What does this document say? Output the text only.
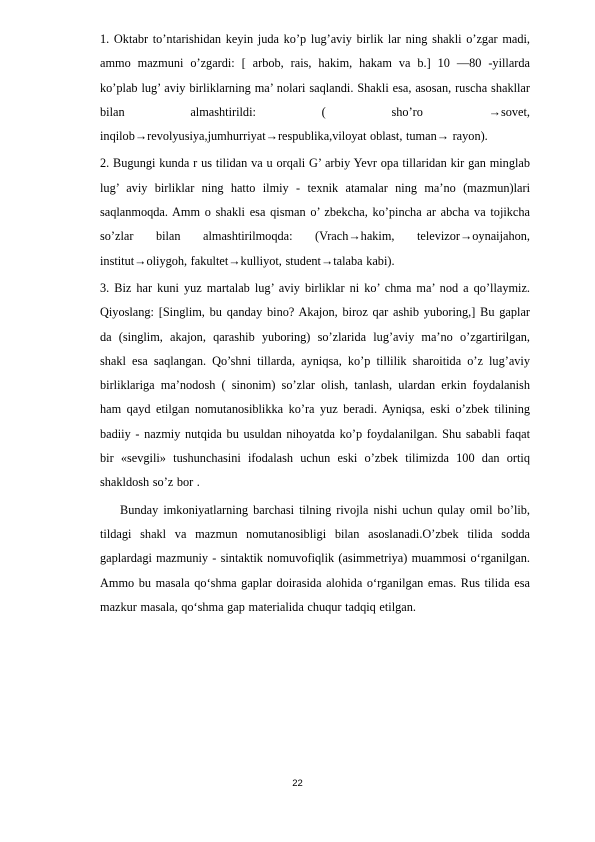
1. Oktabr to’ntarishidan keyin juda ko’p lug’aviy birlik lar ning shakli o’zgar madi, ammo mazmuni o’zgardi: [ arbob, rais, hakim, hakam va b.] 10 —80 -yillarda ko’plab lug’ aviy birliklarning ma’ nolari saqlandi. Shakli esa, asosan, ruscha shakllar bilan almashtirildi: ( sho’ro →sovet, inqilob→revolyusiya,jumhurriyat→respublika,viloyat oblast, tuman→ rayon).

2. Bugungi kunda r us tilidan va u orqali G’ arbiy Yevr opa tillaridan kir gan minglab lug’ aviy birliklar ning hatto ilmiy - texnik atamalar ning ma’no (mazmun)lari saqlanmoqda. Amm o shakli esa qisman o’ zbekcha, ko’pincha ar abcha va tojikcha so’zlar bilan almashtirilmoqda: (Vrach→hakim, televizor→oynaijahon, institut→oliygoh, fakultet→kulliyot, student→talaba kabi).

3. Biz har kuni yuz martalab lug’ aviy birliklar ni ko’ chma ma’ nod a qo’llaymiz. Qiyoslang: [Singlim, bu qanday bino? Akajon, biroz qar ashib yuboring,] Bu gaplar da (singlim, akajon, qarashib yuboring) so’zlarida lug’aviy ma’no o’zgartirilgan, shakl esa saqlangan. Qo’shni tillarda, ayniqsa, ko’p tillilik sharoitida o’z lug’aviy birliklariga ma’nodosh ( sinonim) so’zlar olish, tanlash, ulardan erkin foydalanish ham qayd etilgan nomutanosiblikka ko’ra yuz beradi. Ayniqsa, eski o’zbek tilining badiiy - nazmiy nutqida bu usuldan nihoyatda ko’p foydalanilgan. Shu sababli faqat bir «sevgili» tushunchasini ifodalash uchun eski o’zbek tilimizda 100 dan ortiq shakldosh so’z bor .

Bunday imkoniyatlarning barchasi tilning rivojla nishi uchun qulay omil bo’lib, tildagi shakl va mazmun nomutanosibligi bilan asoslanadi.O’zbek tilida sodda gaplardagi mazmuniy - sintaktik nomuvofiqlik (asimmetriya) muammosi o‘rganilgan. Ammo bu masala qo‘shma gaplar doirasida alohida o‘rganilgan emas. Rus tilida esa mazkur masala, qo‘shma gap materialida chuqur tadqiq etilgan.

22
